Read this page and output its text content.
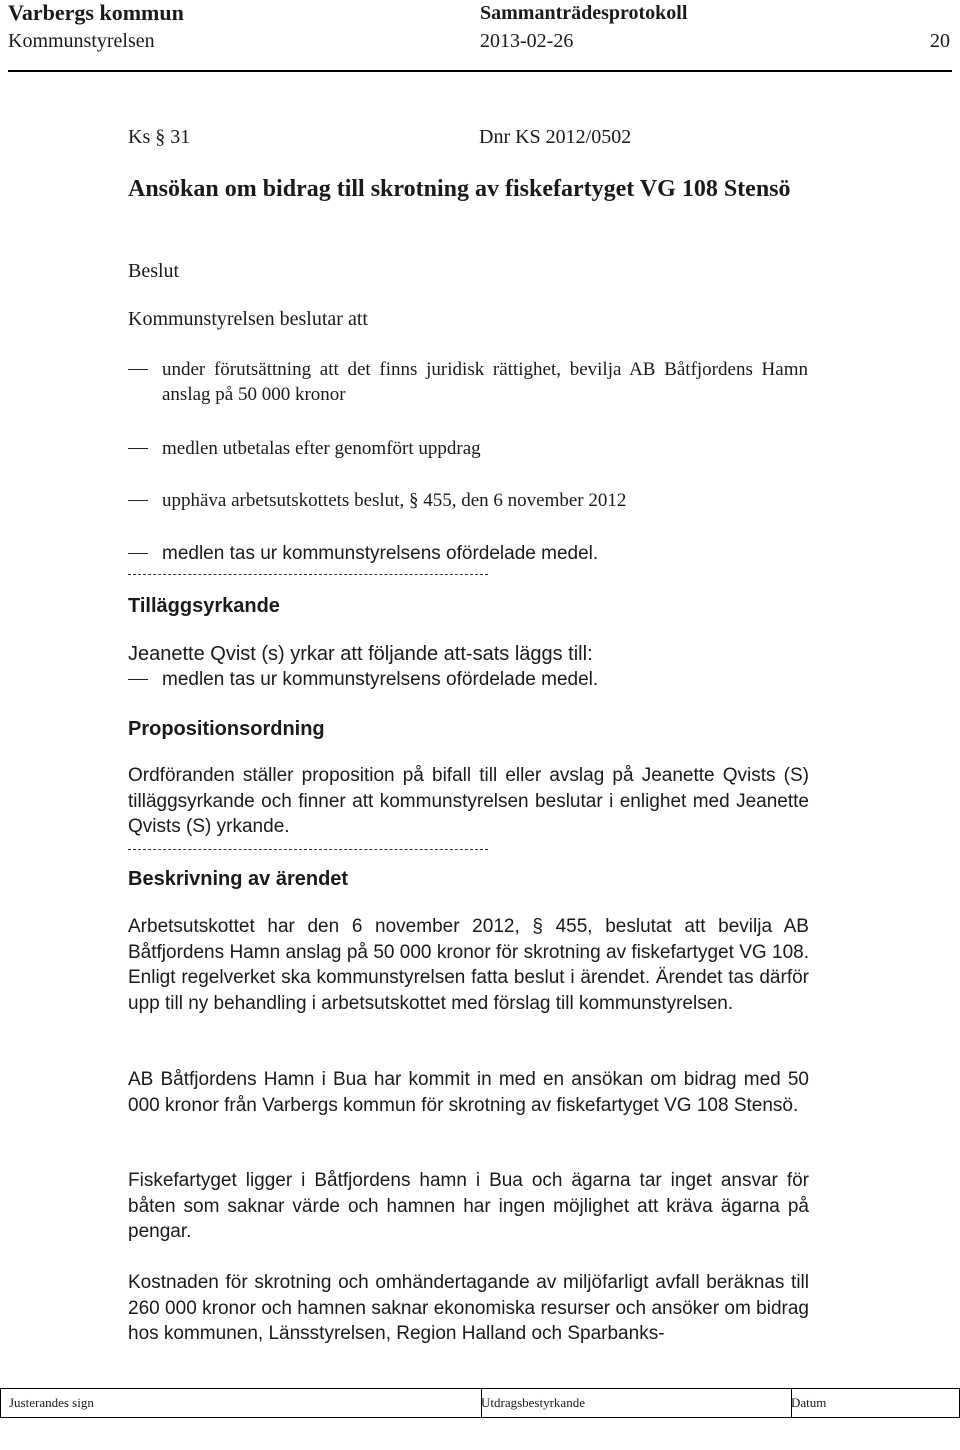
Varbergs kommun	Sammanträdesprotokoll
Kommunstyrelsen	2013-02-26	20
Ks § 31	Dnr KS 2012/0502
Ansökan om bidrag till skrotning av fiskefartyget VG 108 Stensö
Beslut
Kommunstyrelsen beslutar att
under förutsättning att det finns juridisk rättighet, bevilja AB Båtfjordens Hamn anslag på 50 000 kronor
medlen utbetalas efter genomfört uppdrag
upphäva arbetsutskottets beslut, § 455, den 6 november 2012
medlen tas ur kommunstyrelsens ofördelade medel.
Tilläggsyrkande
Jeanette Qvist (s) yrkar att följande att-sats läggs till:
medlen tas ur kommunstyrelsens ofördelade medel.
Propositionsordning

Ordföranden ställer proposition på bifall till eller avslag på Jeanette Qvists (S) tilläggsyrkande och finner att kommunstyrelsen beslutar i enlighet med Jeanette Qvists (S) yrkande.

Beskrivning av ärendet

Arbetsutskottet har den 6 november 2012, § 455, beslutat att bevilja AB Båtfjordens Hamn anslag på 50 000 kronor för skrotning av fiskefartyget VG 108. Enligt regelverket ska kommunstyrelsen fatta beslut i ärendet. Ärendet tas därför upp till ny behandling i arbetsutskottet med förslag till kommunstyrelsen.

AB Båtfjordens Hamn i Bua har kommit in med en ansökan om bidrag med 50 000 kronor från Varbergs kommun för skrotning av fiskefartyget VG 108 Stensö.

Fiskefartyget ligger i Båtfjordens hamn i Bua och ägarna tar inget ansvar för båten som saknar värde och hamnen har ingen möjlighet att kräva ägarna på pengar.

Kostnaden för skrotning och omhändertagande av miljöfarligt avfall beräknas till 260 000 kronor och hamnen saknar ekonomiska resurser och ansöker om bidrag hos kommunen, Länsstyrelsen, Region Halland och Sparbanks-

Justerandes sign	Utdragsbestyrkande	Datum
